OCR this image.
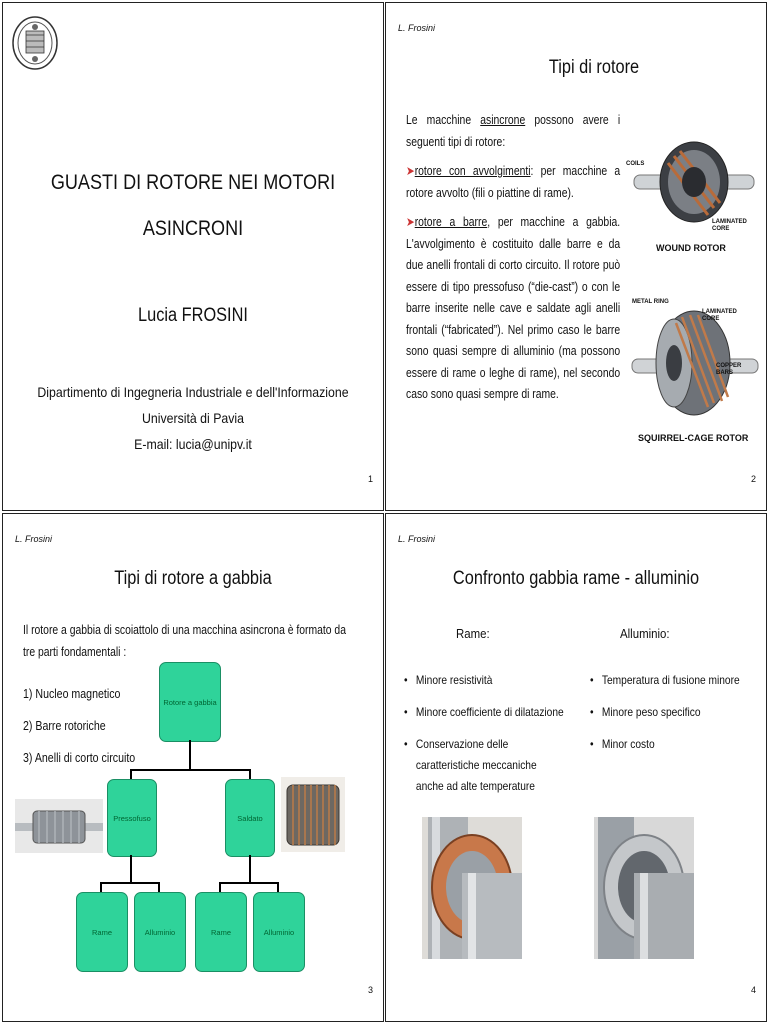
GUASTI DI ROTORE NEI MOTORI
ASINCRONI
Lucia FROSINI
Dipartimento di Ingegneria Industriale e dell'Informazione
Università di Pavia
E-mail: lucia@unipv.it
1
L. Frosini
Tipi di rotore

Le macchine asincrone possono avere i seguenti tipi di rotore:

➤rotore con avvolgimenti: per macchine a rotore avvolto (fili o piattine di rame).

➤rotore a barre, per macchine a gabbia. L'avvolgimento è costituito dalle barre e da due anelli frontali di corto circuito. Il rotore può essere di tipo pressofuso (“die-cast”) o con le barre inserite nelle cave e saldate agli anelli frontali (“fabricated”). Nel primo caso le barre sono quasi sempre di alluminio (ma possono essere di rame o leghe di rame), nel secondo caso sono quasi sempre di rame.

COILS
LAMINATED CORE
WOUND ROTOR
METAL RING
LAMINATED CORE
COPPER BARS
SQUIRREL-CAGE ROTOR
2
L. Frosini
Tipi di rotore a gabbia
Il rotore a gabbia di scoiattolo di una macchina asincrona è formato da tre parti fondamentali :
1) Nucleo magnetico
2) Barre rotoriche
3) Anelli di corto circuito
Rotore a gabbia
Pressofuso	Saldato
Rame	Alluminio	Rame	Alluminio
3
L. Frosini
Confronto gabbia rame - alluminio
Rame:	Alluminio:
• Minore resistività
• Minore coefficiente di dilatazione
• Conservazione delle caratteristiche meccaniche anche ad alte temperature
• Temperatura di fusione minore
• Minore peso specifico
• Minor costo
4
